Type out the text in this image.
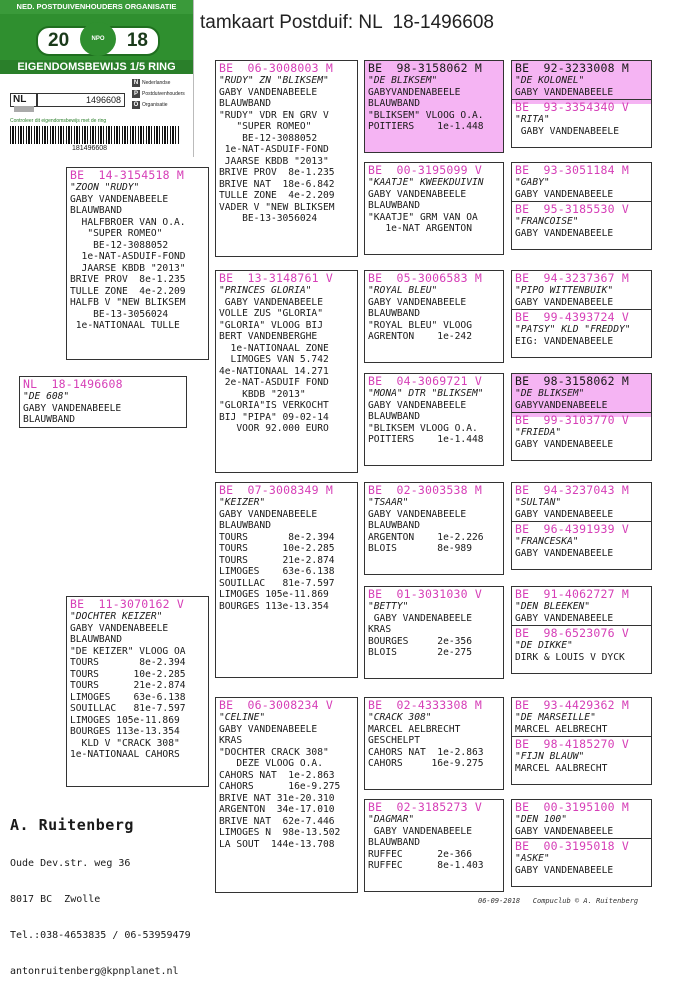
NED. POSTDUIVENHOUDERS ORGANISATIE
20	NPO	18
EIGENDOMSBEWIJS 1/5 RING
NL	1496608
N Nederlandse
P Postduivenhouders
O Organisatie
Controleer dit eigendomsbewijs met de ring
181496608
tamkaart Postduif: NL  18-1496608
NL  18-1496608
"DE 608"
GABY VANDENABEELE
BLAUWBAND
BE  14-3154518 M
"ZOON "RUDY"
GABY VANDENABEELE
BLAUWBAND
HALFBROER VAN O.A.
"SUPER ROMEO"
BE-12-3088052
1e-NAT-ASDUIF-FOND
JAARSE KBDB "2013"
BRIVE PROV  8e-1.235
TULLE ZONE  4e-2.209
HALFB V "NEW BLIKSEM
BE-13-3056024
1e-NATIONAAL TULLE
BE  11-3070162 V
"DOCHTER KEIZER"
GABY VANDENABEELE
BLAUWBAND
"DE KEIZER" VLOOG OA
TOURS       8e-2.394
TOURS      10e-2.285
TOURS      21e-2.874
LIMOGES    63e-6.138
SOUILLAC   81e-7.597
LIMOGES 105e-11.869
BOURGES 113e-13.354
KLD V "CRACK 308"
1e-NATIONAAL CAHORS
BE  06-3008003 M
"RUDY" ZN "BLIKSEM"
GABY VANDENABEELE
BLAUWBAND
"RUDY" VDR EN GRV V
"SUPER ROMEO"
BE-12-3088052
1e-NAT-ASDUIF-FOND
JAARSE KBDB "2013"
BRIVE PROV  8e-1.235
BRIVE NAT  18e-6.842
TULLE ZONE  4e-2.209
VADER V "NEW BLIKSEM
BE-13-3056024
BE  13-3148761 V
"PRINCES GLORIA"
GABY VANDENABEELE
VOLLE ZUS "GLORIA"
"GLORIA" VLOOG BIJ
BERT VANDENBERGHE
1e-NATIONAAL ZONE
LIMOGES VAN 5.742
4e-NATIONAAL 14.271
2e-NAT-ASDUIF FOND
KBDB "2013"
"GLORIA"IS VERKOCHT
BIJ "PIPA" 09-02-14
VOOR 92.000 EURO
BE  07-3008349 M
"KEIZER"
GABY VANDENABEELE
BLAUWBAND
TOURS       8e-2.394
TOURS      10e-2.285
TOURS      21e-2.874
LIMOGES    63e-6.138
SOUILLAC   81e-7.597
LIMOGES 105e-11.869
BOURGES 113e-13.354
BE  06-3008234 V
"CELINE"
GABY VANDENABEELE
KRAS
"DOCHTER CRACK 308"
DEZE VLOOG O.A.
CAHORS NAT  1e-2.863
CAHORS      16e-9.275
BRIVE NAT 31e-20.310
ARGENTON  34e-17.010
BRIVE NAT  62e-7.446
LIMOGES N  98e-13.502
LA SOUT  144e-13.708
BE  98-3158062 M
"DE BLIKSEM"
GABYVANDENABEELE
BLAUWBAND
"BLIKSEM" VLOOG O.A.
POITIERS    1e-1.448
BE  00-3195099 V
"KAATJE" KWEEKDUIVIN
GABY VANDENABEELE
BLAUWBAND
"KAATJE" GRM VAN OA
1e-NAT ARGENTON
BE  05-3006583 M
"ROYAL BLEU"
GABY VANDENABEELE
BLAUWBAND
"ROYAL BLEU" VLOOG
AGRENTON    1e-242
BE  04-3069721 V
"MONA" DTR "BLIKSEM"
GABY VANDENABEELE
BLAUWBAND
"BLIKSEM VLOOG O.A.
POITIERS    1e-1.448
BE  02-3003538 M
"TSAAR"
GABY VANDENABEELE
BLAUWBAND
ARGENTON    1e-2.226
BLOIS       8e-989
BE  01-3031030 V
"BETTY"
GABY VANDENABEELE
KRAS
BOURGES     2e-356
BLOIS       2e-275
BE  02-4333308 M
"CRACK 308"
MARCEL AELBRECHT
GESCHELPT
CAHORS NAT  1e-2.863
CAHORS     16e-9.275
BE  02-3185273 V
"DAGMAR"
GABY VANDENABEELE
BLAUWBAND
RUFFEC      2e-366
RUFFEC      8e-1.403
BE  92-3233008 M
"DE KOLONEL"
GABY VANDENABEELE
BE  93-3354340 V
"RITA"
GABY VANDENABEELE
BE  93-3051184 M
"GABY"
GABY VANDENABEELE
BE  95-3185530 V
"FRANCOISE"
GABY VANDENABEELE
BE  94-3237367 M
"PIPO WITTENBUIK"
GABY VANDENABEELE
BE  99-4393724 V
"PATSY" KLD "FREDDY"
EIG: VANDENABEELE
BE  98-3158062 M
"DE BLIKSEM"
GABYVANDENABEELE
BE  99-3103770 V
"FRIEDA"
GABY VANDENABEELE
BE  94-3237043 M
"SULTAN"
GABY VANDENABEELE
BE  96-4391939 V
"FRANCESKA"
GABY VANDENABEELE
BE  91-4062727 M
"DEN BLEEKEN"
GABY VANDENABEELE
BE  98-6523076 V
"DE DIKKE"
DIRK & LOUIS V DYCK
BE  93-4429362 M
"DE MARSEILLE"
MARCEL AELBRECHT
BE  98-4185270 V
"FIJN BLAUW"
MARCEL AALBRECHT
BE  00-3195100 M
"DEN 100"
GABY VANDENABEELE
BE  00-3195018 V
"ASKE"
GABY VANDENABEELE

A. Ruitenberg

Oude Dev.str. weg 36

8017 BC  Zwolle

Tel.:038-4653835 / 06-53959479

antonruitenberg@kpnplanet.nl

06-09-2018   Compuclub © A. Ruitenberg
